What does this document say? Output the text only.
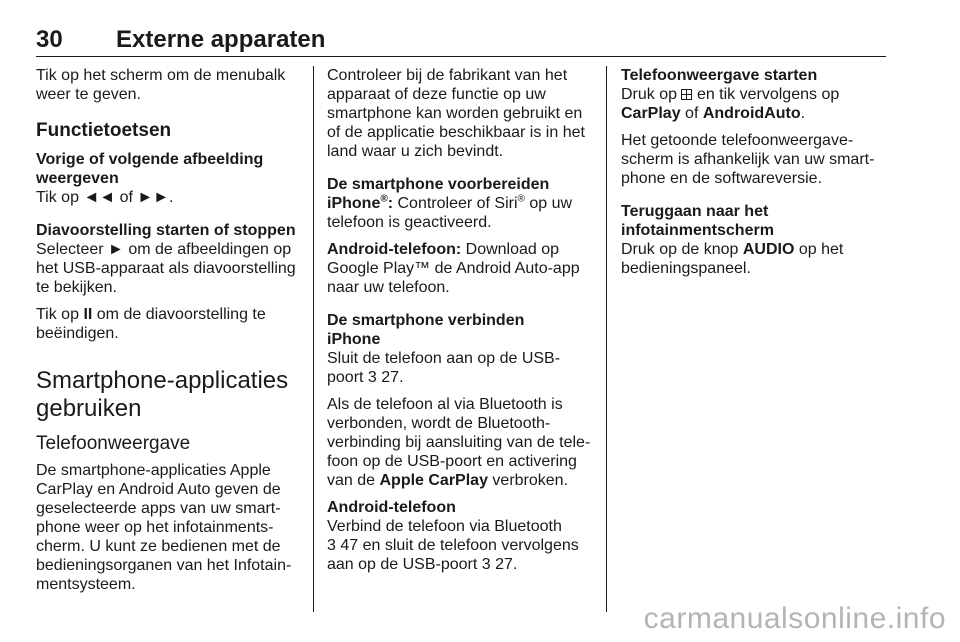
30 Externe apparaten

Tik op het scherm om de menubalk weer te geven.

Functietoetsen
Vorige of volgende afbeelding weergeven

Tik op ◄◄ of ►►.

Diavoorstelling starten of stoppen

Selecteer ► om de afbeeldingen op het USB-apparaat als diavoorstelling te bekijken.

Tik op II om de diavoorstelling te beëindigen.

Smartphone-applicaties gebruiken
Telefoonweergave

De smartphone-applicaties Apple CarPlay en Android Auto geven de geselecteerde apps van uw smartphone weer op het infotainmentscherm. U kunt ze bedienen met de bedieningsorganen van het Infotainmentsysteem.

Controleer bij de fabrikant van het apparaat of deze functie op uw smartphone kan worden gebruikt en of de applicatie beschikbaar is in het land waar u zich bevindt.

De smartphone voorbereiden

iPhone®: Controleer of Siri® op uw telefoon is geactiveerd.

Android-telefoon: Download op Google Play™ de Android Auto-app naar uw telefoon.

De smartphone verbinden
iPhone

Sluit de telefoon aan op de USB-poort 3 27.

Als de telefoon al via Bluetooth is verbonden, wordt de Bluetooth-verbinding bij aansluiting van de telefoon op de USB-poort en activering van de Apple CarPlay verbroken.

Android-telefoon

Verbind de telefoon via Bluetooth
3 47 en sluit de telefoon vervolgens aan op de USB-poort 3 27.

Telefoonweergave starten

Druk op en tik vervolgens op CarPlay of AndroidAuto.

Het getoonde telefoonweergavescherm is afhankelijk van uw smartphone en de softwareversie.

Teruggaan naar het infotainmentscherm

Druk op de knop AUDIO op het bedieningspaneel.

carmanualsonline.info
